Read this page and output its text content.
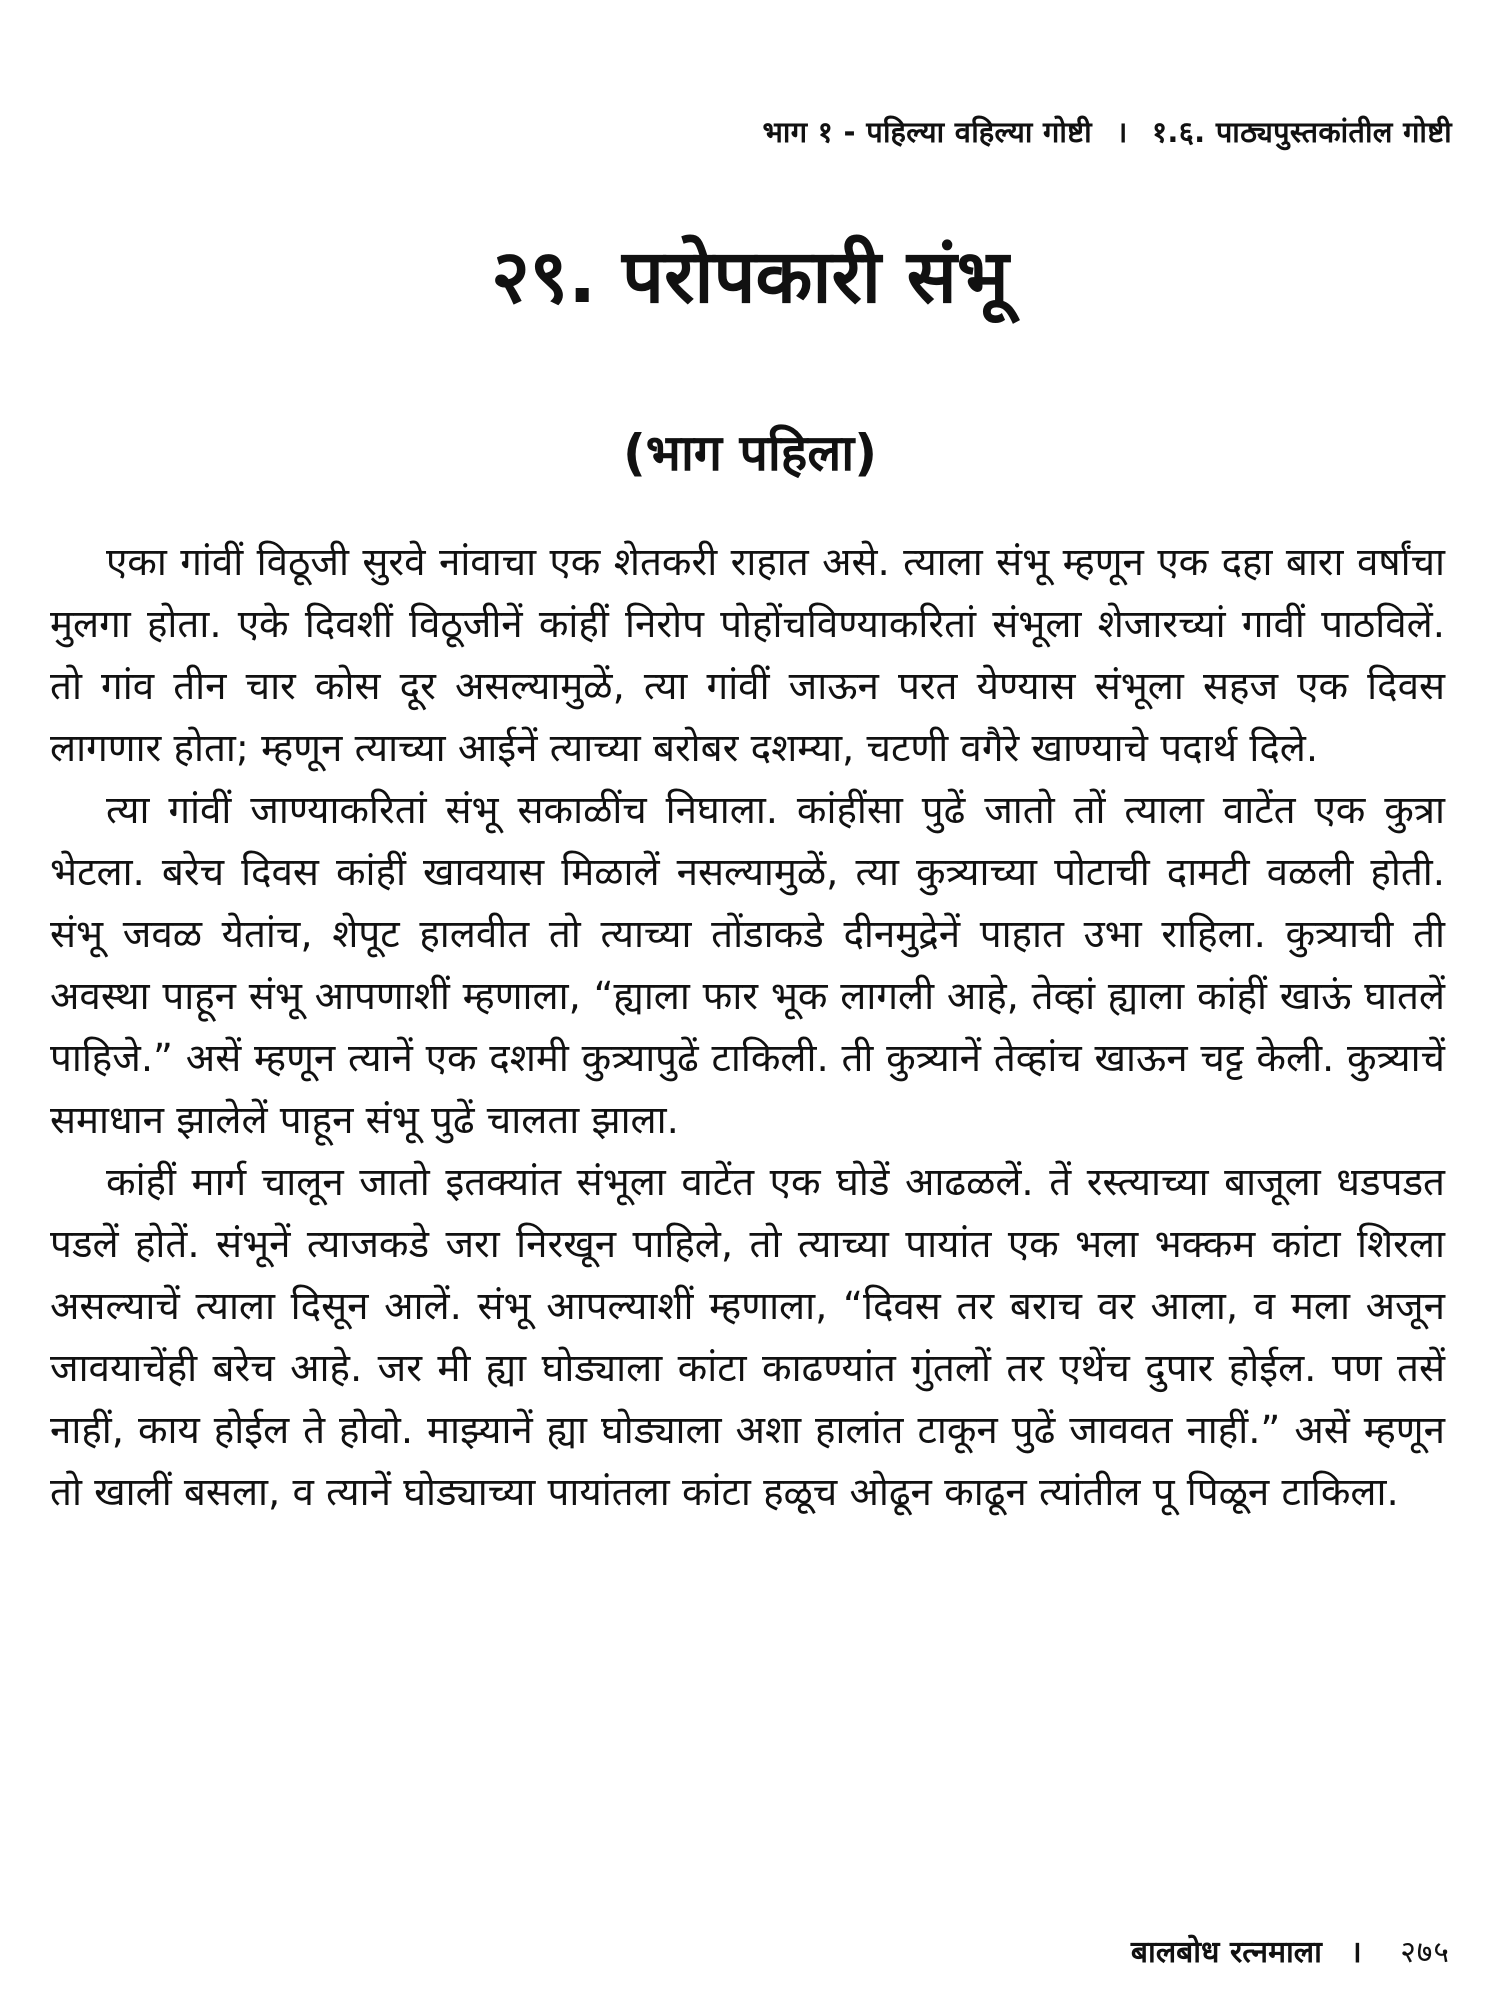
भाग १ - पहिल्या वहिल्या गोष्टी । १.६. पाठ्यपुस्तकांतील गोष्टी
२९. परोपकारी संभू
(भाग पहिला)

एका गांवीं विठूजी सुरवे नांवाचा एक शेतकरी राहात असे. त्याला संभू म्हणून एक दहा बारा वर्षांचा मुलगा होता. एके दिवशीं विठूजीनें कांहीं निरोप पोहोंचविण्याकरितां संभूला शेजारच्यां गावीं पाठविलें. तो गांव तीन चार कोस दूर असल्यामुळें, त्या गांवीं जाऊन परत येण्यास संभूला सहज एक दिवस लागणार होता; म्हणून त्याच्या आईनें त्याच्या बरोबर दशम्या, चटणी वगैरे खाण्याचे पदार्थ दिले.

त्या गांवीं जाण्याकरितां संभू सकाळींच निघाला. कांहींसा पुढें जातो तों त्याला वाटेंत एक कुत्रा भेटला. बरेच दिवस कांहीं खावयास मिळालें नसल्यामुळें, त्या कुत्र्याच्या पोटाची दामटी वळली होती. संभू जवळ येतांच, शेपूट हालवीत तो त्याच्या तोंडाकडे दीनमुद्रेनें पाहात उभा राहिला. कुत्र्याची ती अवस्था पाहून संभू आपणाशीं म्हणाला, “ह्याला फार भूक लागली आहे, तेव्हां ह्याला कांहीं खाऊं घातलें पाहिजे.” असें म्हणून त्यानें एक दशमी कुत्र्यापुढें टाकिली. ती कुत्र्यानें तेव्हांच खाऊन चट्ट केली. कुत्र्याचें समाधान झालेलें पाहून संभू पुढें चालता झाला.

कांहीं मार्ग चालून जातो इतक्यांत संभूला वाटेंत एक घोडें आढळलें. तें रस्त्याच्या बाजूला धडपडत पडलें होतें. संभूनें त्याजकडे जरा निरखून पाहिले, तो त्याच्या पायांत एक भला भक्कम कांटा शिरला असल्याचें त्याला दिसून आलें. संभू आपल्याशीं म्हणाला, “दिवस तर बराच वर आला, व मला अजून जावयाचेंही बरेच आहे. जर मी ह्या घोड्याला कांटा काढण्यांत गुंतलों तर एथेंच दुपार होईल. पण तसें नाहीं, काय होईल ते होवो. माझ्यानें ह्या घोड्याला अशा हालांत टाकून पुढें जाववत नाहीं.” असें म्हणून तो खालीं बसला, व त्यानें घोड्याच्या पायांतला कांटा हळूच ओढून काढून त्यांतील पू पिळून टाकिला.

बालबोध रत्नमाला । २७५
